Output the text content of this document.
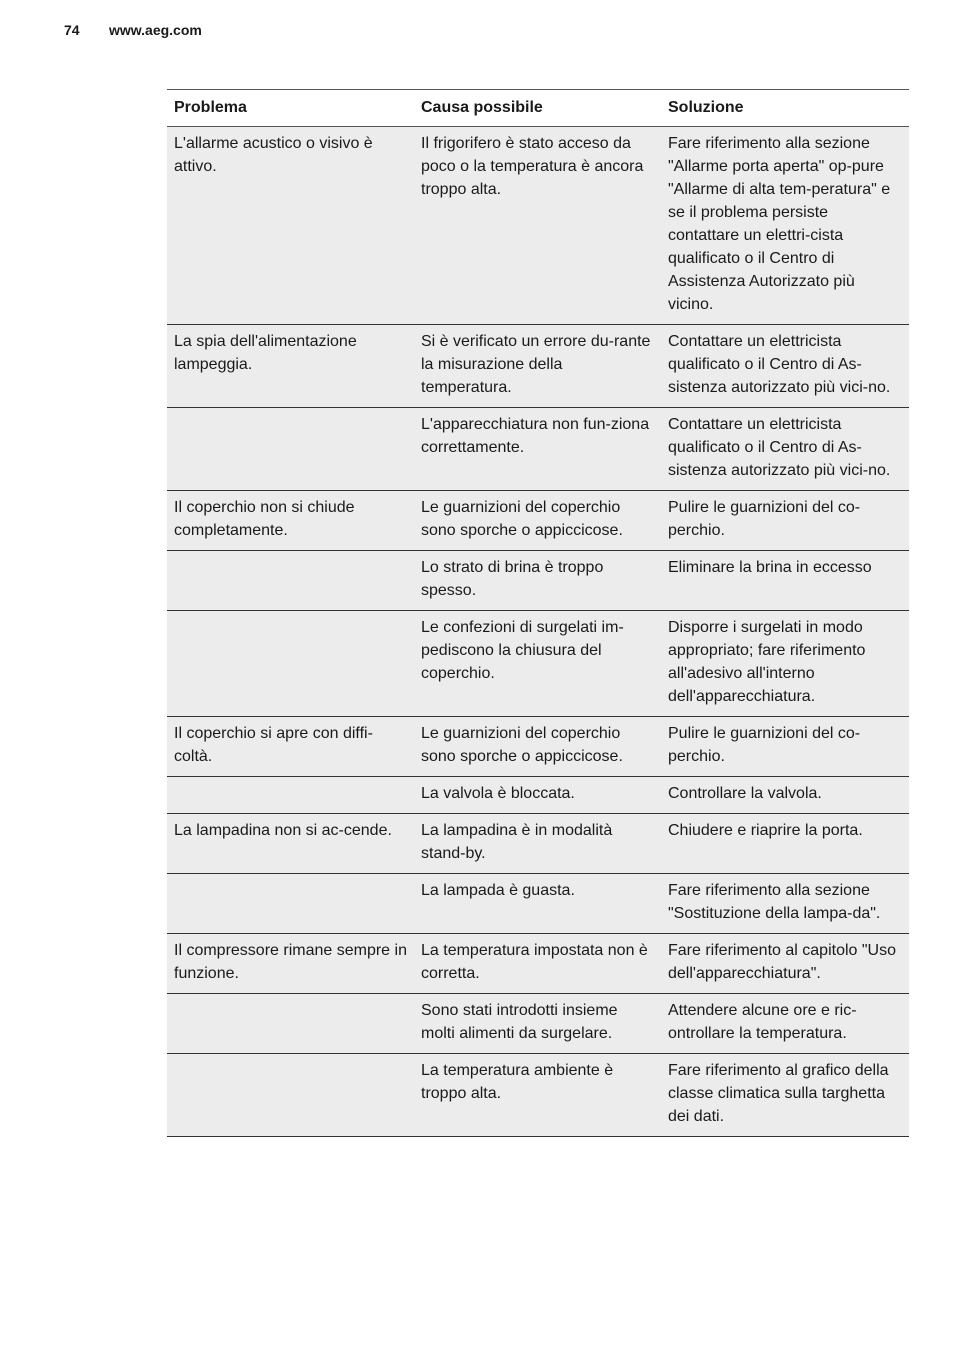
74 www.aeg.com
Problema	Causa possibile	Soluzione
L'allarme acustico o visivo è attivo.	Il frigorifero è stato acceso da poco o la temperatura è ancora troppo alta.	Fare riferimento alla sezione "Allarme porta aperta" op-pure "Allarme di alta tem-peratura" e se il problema persiste contattare un elettri-cista qualificato o il Centro di Assistenza Autorizzato più vicino.
La spia dell'alimentazione lampeggia.	Si è verificato un errore du-rante la misurazione della temperatura.	Contattare un elettricista qualificato o il Centro di As-sistenza autorizzato più vici-no.
	L'apparecchiatura non fun-ziona correttamente.	Contattare un elettricista qualificato o il Centro di As-sistenza autorizzato più vici-no.
Il coperchio non si chiude completamente.	Le guarnizioni del coperchio sono sporche o appiccicose.	Pulire le guarnizioni del co-perchio.
	Lo strato di brina è troppo spesso.	Eliminare la brina in eccesso
	Le confezioni di surgelati im-pediscono la chiusura del coperchio.	Disporre i surgelati in modo appropriato; fare riferimento all'adesivo all'interno dell'apparecchiatura.
Il coperchio si apre con diffi-coltà.	Le guarnizioni del coperchio sono sporche o appiccicose.	Pulire le guarnizioni del co-perchio.
	La valvola è bloccata.	Controllare la valvola.
La lampadina non si ac-cende.	La lampadina è in modalità stand-by.	Chiudere e riaprire la porta.
	La lampada è guasta.	Fare riferimento alla sezione "Sostituzione della lampa-da".
Il compressore rimane sempre in funzione.	La temperatura impostata non è corretta.	Fare riferimento al capitolo "Uso dell'apparecchiatura".
	Sono stati introdotti insieme molti alimenti da surgelare.	Attendere alcune ore e ric-ontrollare la temperatura.
	La temperatura ambiente è troppo alta.	Fare riferimento al grafico della classe climatica sulla targhetta dei dati.
